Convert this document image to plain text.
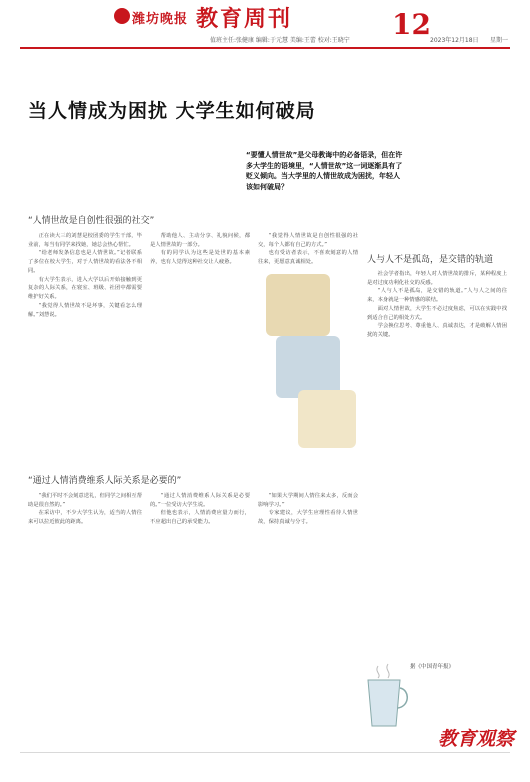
潍坊晚报 教育周刊	12
值班主任:张健康 编辑:于元慧 美编:王蕾 校对:王晓宁	2023年12月18日 星期一
当人情成为困扰 大学生如何破局
“要懂人情世故”是父母教诲中的必备语录，但在许多大学生的语境里，“人情世故”这一词逐渐具有了贬义倾向。当大学里的人情世故成为困扰，年轻人该如何破局？
“人情世故是自创性很强的社交”
“通过人情消费维系人际关系是必要的”
人与人不是孤岛，是交错的轨道

正在读大三的刘慧是校团委的学生干部，毕业前，每当有同学来找她，她总会热心帮忙。

“给老师发条信息也是人情世故。”记者联系了多位在校大学生，对于人情世故的看法各不相同。

有大学生表示，进入大学以后开始接触到更复杂的人际关系，在寝室、班级、社团中都需要维护好关系。

“我觉得人情世故不是坏事，关键看怎么理解。”刘慧说。

帮助他人、主动分享、礼貌问候，都是人情世故的一部分。

有的同学认为这些是处世的基本素养，也有人觉得这种社交让人疲惫。

“我觉得人情世故是自创性很强的社交，每个人都有自己的方式。”

也有受访者表示，不喜欢刻意的人情往来，更愿意真诚相处。

“我们平时不会刻意送礼，但同学之间相互帮助是很自然的。”

在采访中，不少大学生认为，适当的人情往来可以拉近彼此的距离。

“通过人情消费维系人际关系是必要的。”一位受访大学生说。

但他也表示，人情消费应量力而行，不应超出自己的承受能力。

“如果大学期间人情往来太多，反而会影响学习。”

专家建议，大学生应理性看待人情世故，保持真诚与分寸。

社会学者指出，年轻人对人情世故的排斥，某种程度上是对过度功利化社交的反感。

“人与人不是孤岛，是交错的轨道。”人与人之间的往来，本身就是一种情感的联结。

面对人情世故，大学生不必过度焦虑，可以在实践中找到适合自己的相处方式。

学会换位思考、尊重他人、真诚表达，才是破解人情困扰的关键。

据《中国青年报》
教育观察
